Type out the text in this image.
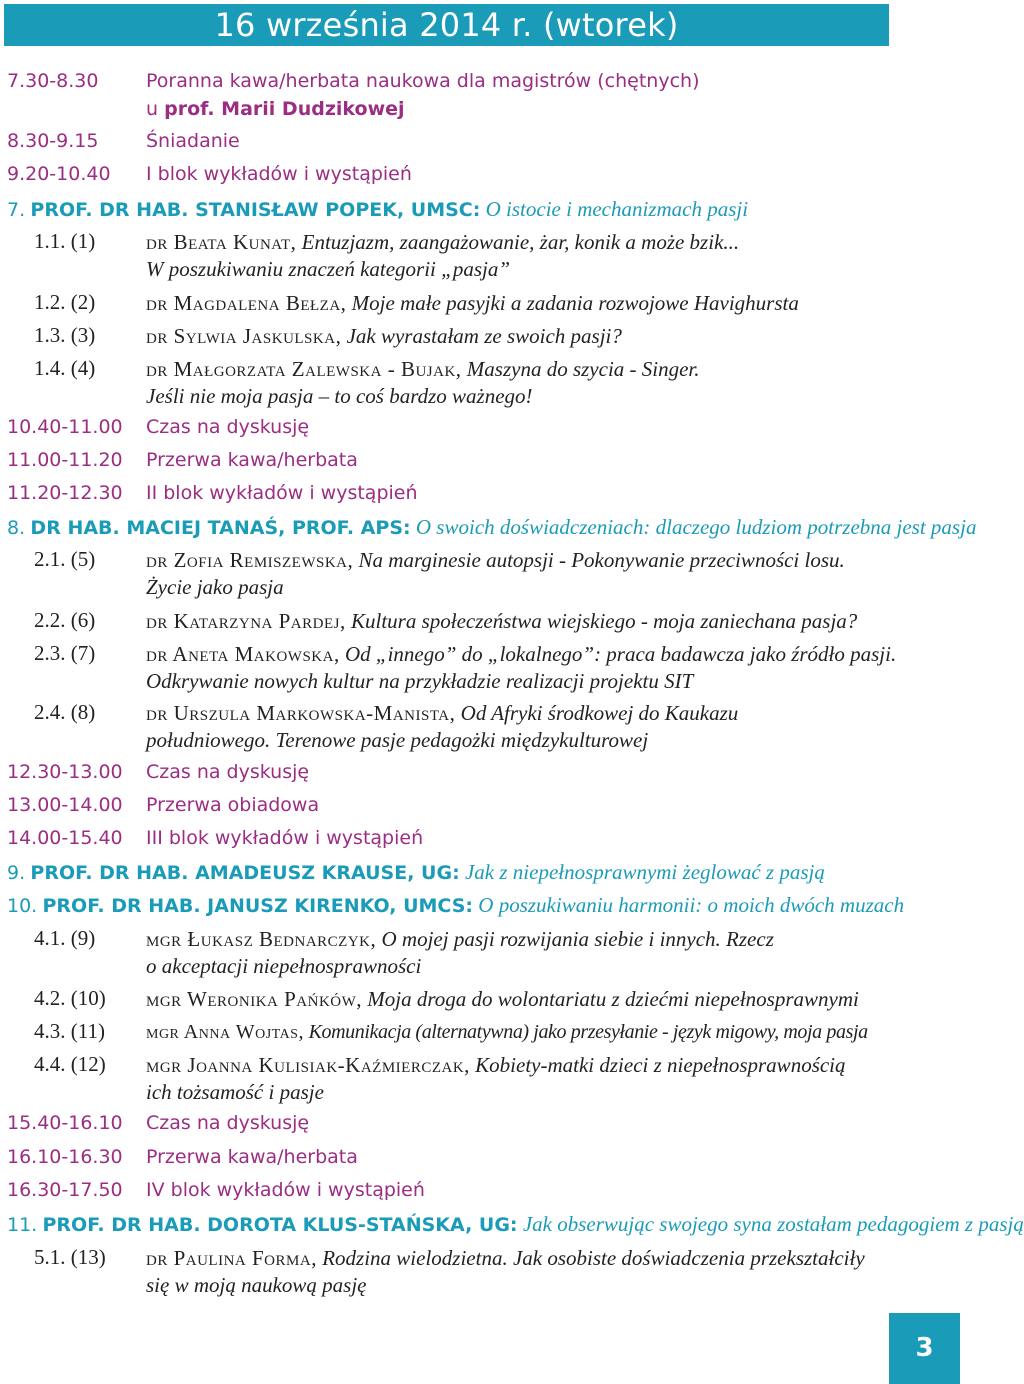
16 września 2014 r. (wtorek)
7.30-8.30	Poranna kawa/herbata naukowa dla magistrów (chętnych)
u prof. Marii Dudzikowej
8.30-9.15	Śniadanie
9.20-10.40 I blok wykładów i wystąpień
7. PROF. DR HAB. STANISŁAW POPEK, UMSC: O istocie i mechanizmach pasji
1.1. (1) dr Beata Kunat, Entuzjazm, zaangażowanie, żar, konik a może bzik...
W poszukiwaniu znaczeń kategorii „pasja”
1.2. (2) dr Magdalena Bełza, Moje małe pasyjki a zadania rozwojowe Havighursta
1.3. (3) dr Sylwia Jaskulska, Jak wyrastałam ze swoich pasji?
1.4. (4) dr Małgorzata Zalewska - Bujak, Maszyna do szycia - Singer.
Jeśli nie moja pasja – to coś bardzo ważnego!
10.40-11.00 Czas na dyskusję
11.00-11.20 Przerwa kawa/herbata
11.20-12.30 II blok wykładów i wystąpień
8. DR HAB. MACIEJ TANAŚ, PROF. APS: O swoich doświadczeniach: dlaczego ludziom potrzebna jest pasja
2.1. (5) dr Zofia Remiszewska, Na marginesie autopsji - Pokonywanie przeciwności losu.
Życie jako pasja
2.2. (6) dr Katarzyna Pardej, Kultura społeczeństwa wiejskiego - moja zaniechana pasja?
2.3. (7) dr Aneta Makowska, Od „innego” do „lokalnego”: praca badawcza jako źródło pasji.
Odkrywanie nowych kultur na przykładzie realizacji projektu SIT
2.4. (8) dr Urszula Markowska-Manista, Od Afryki środkowej do Kaukazu
południowego. Terenowe pasje pedagożki międzykulturowej
12.30-13.00 Czas na dyskusję
13.00-14.00 Przerwa obiadowa
14.00-15.40 III blok wykładów i wystąpień
9. PROF. DR HAB. AMADEUSZ KRAUSE, UG: Jak z niepełnosprawnymi żeglować z pasją
10. PROF. DR HAB. JANUSZ KIRENKO, UMCS: O poszukiwaniu harmonii: o moich dwóch muzach
4.1. (9) mgr Łukasz Bednarczyk, O mojej pasji rozwijania siebie i innych. Rzecz
o akceptacji niepełnosprawności
4.2. (10) mgr Weronika Pańków, Moja droga do wolontariatu z dziećmi niepełnosprawnymi
4.3. (11) mgr Anna Wojtas, Komunikacja (alternatywna) jako przesyłanie - język migowy, moja pasja
4.4. (12) mgr Joanna Kulisiak-Kaźmierczak, Kobiety-matki dzieci z niepełnosprawnością
ich tożsamość i pasje
15.40-16.10 Czas na dyskusję
16.10-16.30 Przerwa kawa/herbata
16.30-17.50 IV blok wykładów i wystąpień
11. PROF. DR HAB. DOROTA KLUS-STAŃSKA, UG: Jak obserwując swojego syna zostałam pedagogiem z pasją
5.1. (13) dr Paulina Forma, Rodzina wielodzietna. Jak osobiste doświadczenia przekształciły
się w moją naukową pasję
3
